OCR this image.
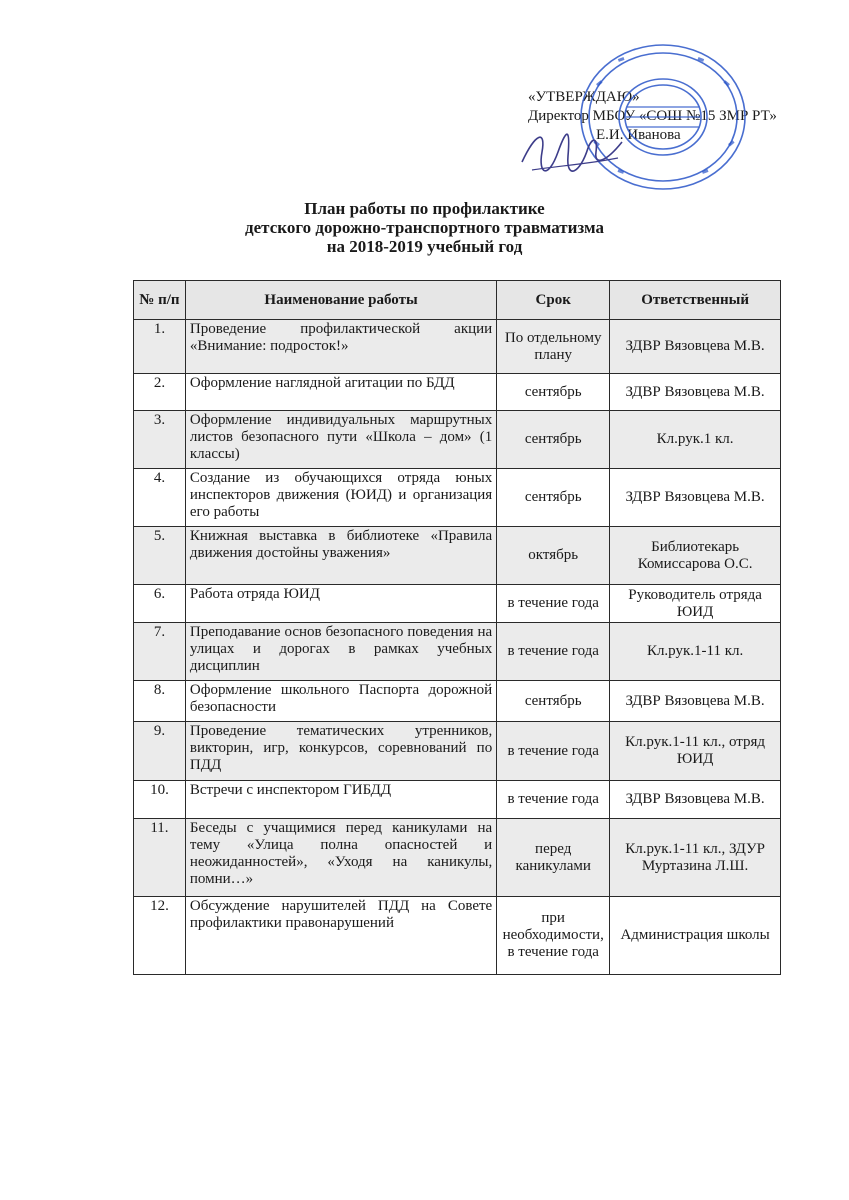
«УТВЕРЖДАЮ»
Директор МБОУ «СОШ №15 ЗМР РТ»
Е.И. Иванова
План работы по профилактике
детского дорожно-транспортного травматизма
на 2018-2019 учебный год
№ п/п	Наименование работы	Срок	Ответственный
1.	Проведение профилактической акции «Внимание: подросток!»	По отдельному плану	ЗДВР Вязовцева М.В.
2.	Оформление наглядной агитации по БДД	сентябрь	ЗДВР Вязовцева М.В.
3.	Оформление индивидуальных маршрутных листов безопасного пути «Школа – дом» (1 классы)	сентябрь	Кл.рук.1 кл.
4.	Создание из обучающихся отряда юных инспекторов движения (ЮИД) и организация его работы	сентябрь	ЗДВР Вязовцева М.В.
5.	Книжная выставка в библиотеке «Правила движения достойны уважения»	октябрь	Библиотекарь Комиссарова О.С.
6.	Работа отряда ЮИД	в течение года	Руководитель отряда ЮИД
7.	Преподавание основ безопасного поведения на улицах и дорогах в рамках учебных дисциплин	в течение года	Кл.рук.1-11 кл.
8.	Оформление школьного Паспорта дорожной безопасности	сентябрь	ЗДВР Вязовцева М.В.
9.	Проведение тематических утренников, викторин, игр, конкурсов, соревнований по ПДД	в течение года	Кл.рук.1-11 кл., отряд ЮИД
10.	Встречи с инспектором ГИБДД	в течение года	ЗДВР Вязовцева М.В.
11.	Беседы с учащимися перед каникулами на тему «Улица полна опасностей и неожиданностей», «Уходя на каникулы, помни…»	перед каникулами	Кл.рук.1-11 кл., ЗДУР Муртазина Л.Ш.
12.	Обсуждение нарушителей ПДД на Совете профилактики правонарушений	при необходимости, в течение года	Администрация школы
